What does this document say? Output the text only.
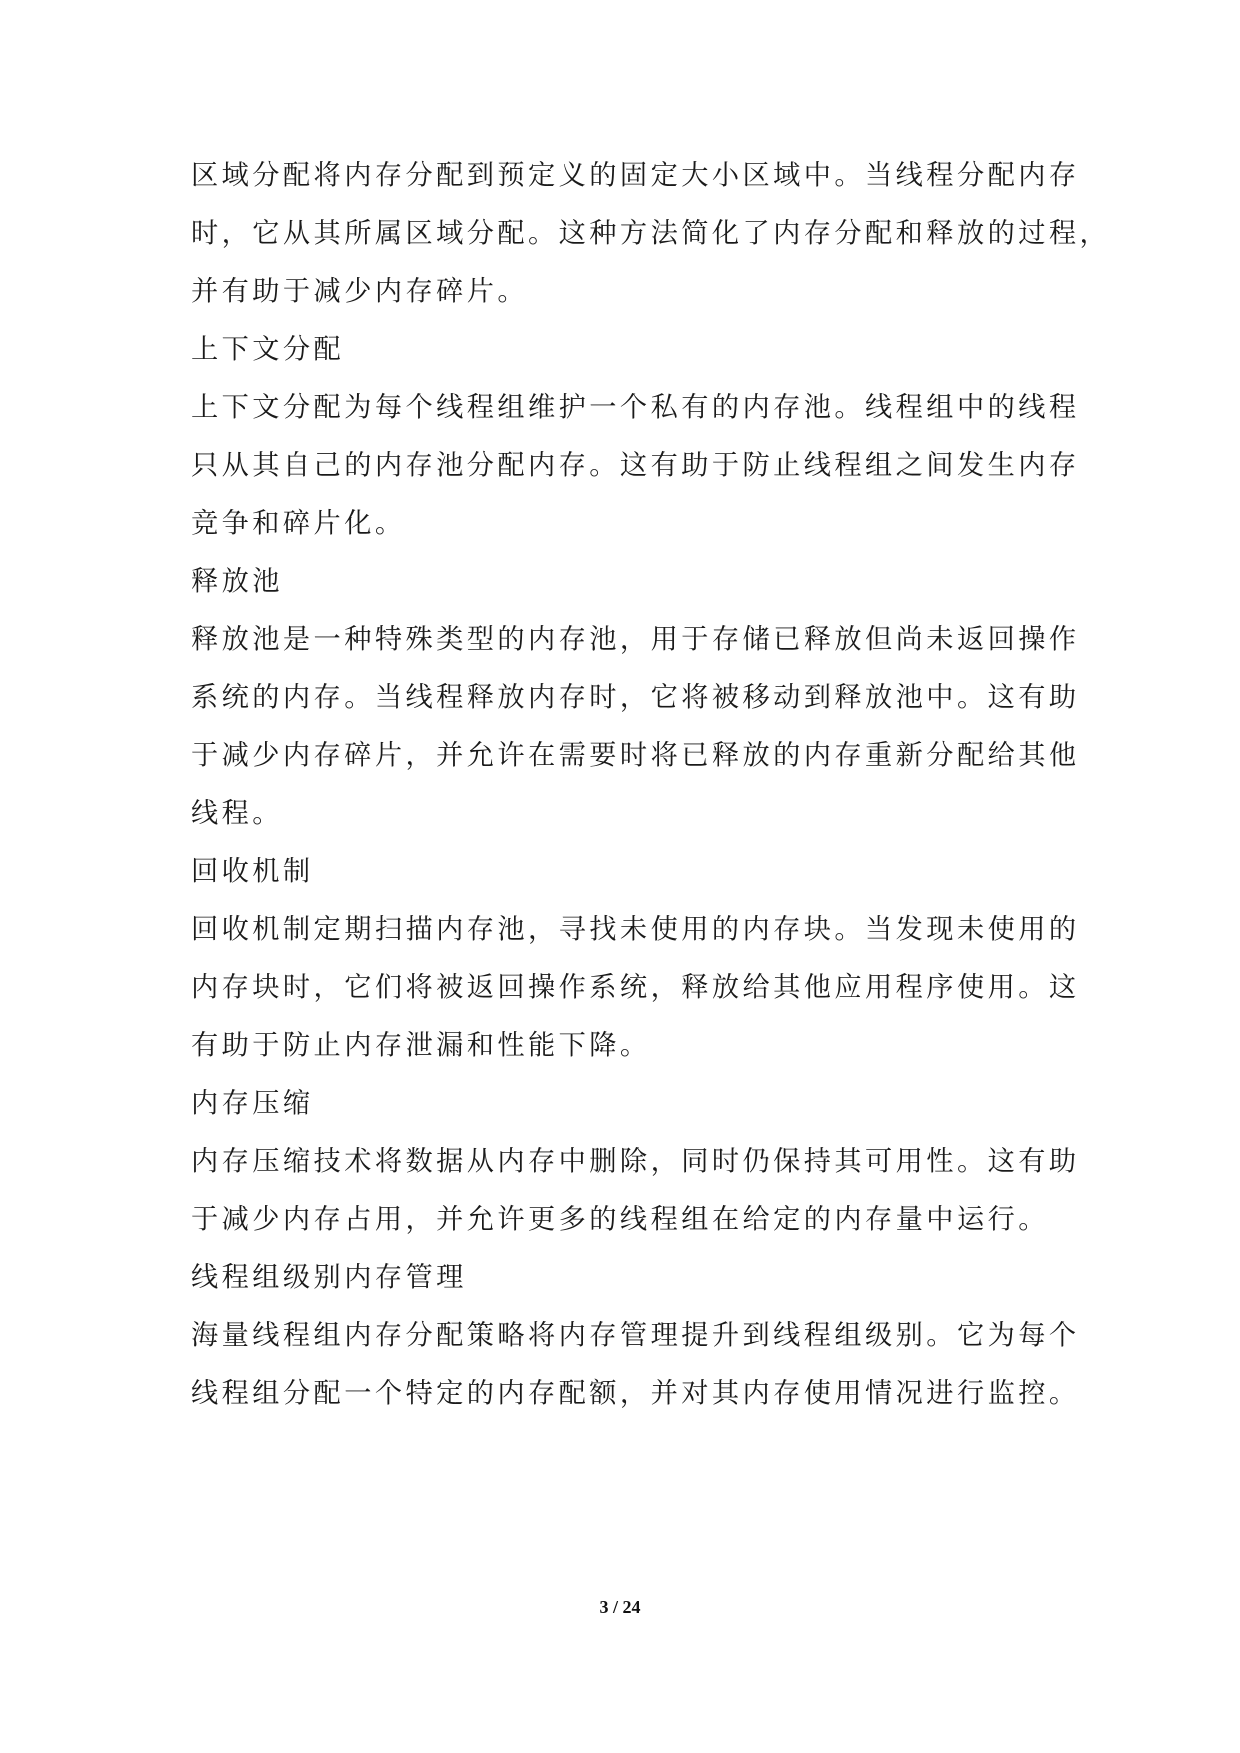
区域分配将内存分配到预定义的固定大小区域中。当线程分配内存
时，它从其所属区域分配。这种方法简化了内存分配和释放的过程，
并有助于减少内存碎片。
上下文分配
上下文分配为每个线程组维护一个私有的内存池。线程组中的线程
只从其自己的内存池分配内存。这有助于防止线程组之间发生内存
竞争和碎片化。
释放池
释放池是一种特殊类型的内存池，用于存储已释放但尚未返回操作
系统的内存。当线程释放内存时，它将被移动到释放池中。这有助
于减少内存碎片，并允许在需要时将已释放的内存重新分配给其他
线程。
回收机制
回收机制定期扫描内存池，寻找未使用的内存块。当发现未使用的
内存块时，它们将被返回操作系统，释放给其他应用程序使用。这
有助于防止内存泄漏和性能下降。
内存压缩
内存压缩技术将数据从内存中删除，同时仍保持其可用性。这有助
于减少内存占用，并允许更多的线程组在给定的内存量中运行。
线程组级别内存管理
海量线程组内存分配策略将内存管理提升到线程组级别。它为每个
线程组分配一个特定的内存配额，并对其内存使用情况进行监控。
3 / 24
